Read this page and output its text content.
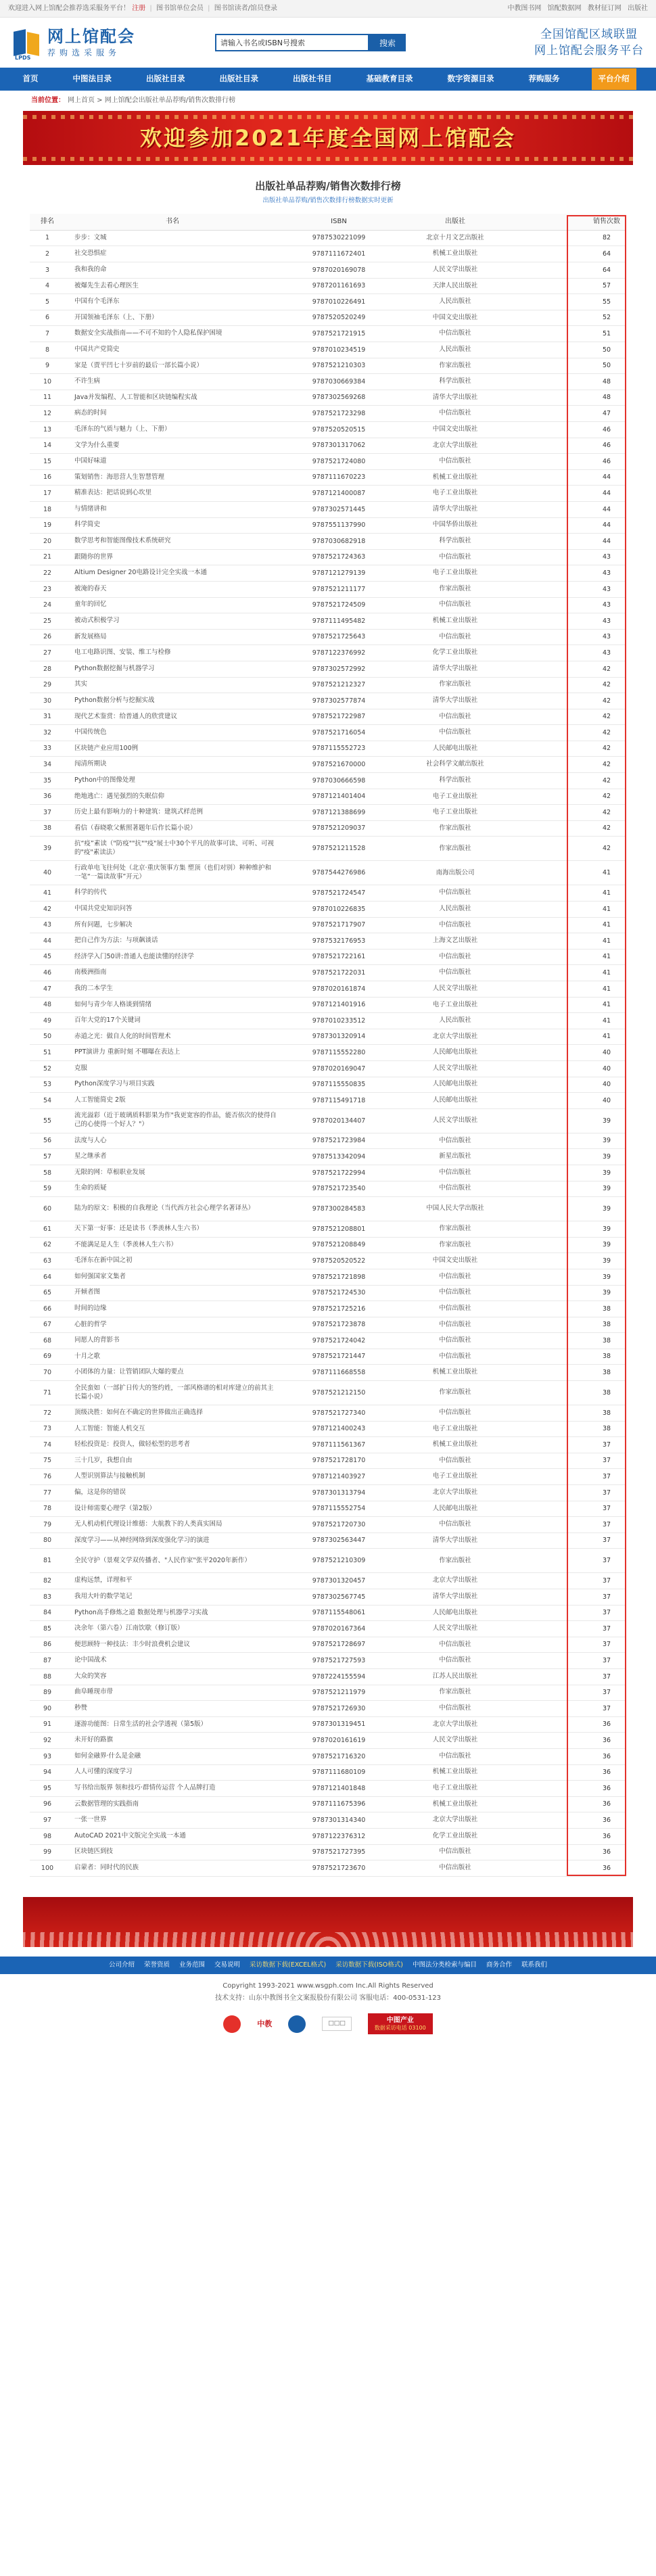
欢迎进入网上馆配会推荐选采服务平台！ 注册 | 图书馆单位会员 | 图书馆读者/馆员登录	中教图书网 馆配数据网 教材征订网 出版社
LPDS
网上馆配会
荐购选采服务
请输入书名或ISBN号搜索
搜索
全国馆配区域联盟
网上馆配会服务平台
首页	中图法目录	出版社目录	出版社目录	出版社书目	基础教育目录	数字资源目录	荐购服务	平台介绍
当前位置： 网上首页 > 网上馆配会出版社单品荐购/销售次数排行榜
欢迎参加2021年度全国网上馆配会
出版社单品荐购/销售次数排行榜
出版社单品荐购/销售次数排行榜数据实时更新
排名	书名	ISBN	出版社		销售次数
1	步步：文城	9787530221099	北京十月文艺出版社		82
2	社交恐惧症	9787111672401	机械工业出版社		64
3	我和我的命	9787020169078	人民文学出版社		64
4	被爆先生去看心理医生	9787201161693	天津人民出版社		57
5	中国有个毛泽东	9787010226491	人民出版社		55
6	开国领袖毛泽东（上、下册）	9787520520249	中国文史出版社		52
7	数据安全实战指南——不可不知的个人隐私保护困境	9787521721915	中信出版社		51
8	中国共产党简史	9787010234519	人民出版社		50
9	家是（贾平凹七十岁前的最后一部长篇小说）	9787521210303	作家出版社		50
10	不许生病	9787030669384	科学出版社		48
11	Java并发编程、人工智能和区块链编程实战	9787302569268	清华大学出版社		48
12	病态的时间	9787521723298	中信出版社		47
13	毛泽东的气质与魅力（上、下册）	9787520520515	中国文史出版社		46
14	文学为什么重要	9787301317062	北京大学出版社		46
15	中国好味道	9787521724080	中信出版社		46
16	策划销售：海思营人生智慧管理	9787111670223	机械工业出版社		44
17	精准表达：把话说到心坎里	9787121400087	电子工业出版社		44
18	与情绪讲和	9787302571445	清华大学出版社		44
19	科学简史	9787551137990	中国华侨出版社		44
20	数学思考和智能图像技术系统研究	9787030682918	科学出版社		44
21	跟随你的世界	9787521724363	中信出版社		43
22	Altium Designer 20电路设计完全实战一本通	9787121279139	电子工业出版社		43
23	被淹的春天	9787521211177	作家出版社		43
24	童年的回忆	9787521724509	中信出版社		43
25	被动式积极学习	9787111495482	机械工业出版社		43
26	新发展格局	9787521725643	中信出版社		43
27	电工电路识图、安装、维工与检修	9787122376992	化学工业出版社		43
28	Python数据挖掘与机器学习	9787302572992	清华大学出版社		42
29	其实	9787521212327	作家出版社		42
30	Python数据分析与挖掘实战	9787302577874	清华大学出版社		42
31	现代艺术鉴赏：给普通人的欣赏建议	9787521722987	中信出版社		42
32	中国传统色	9787521716054	中信出版社		42
33	区块链产业应用100例	9787115552723	人民邮电出版社		42
34	闯清所期诀	9787521670000	社会科学文献出版社		42
35	Python中的图像处理	9787030666598	科学出版社		42
36	绝地逃亡：遇见强烈的失眠信仰	9787121401404	电子工业出版社		42
37	历史上最有影响力的十种建筑：建筑式样范例	9787121388699	电子工业出版社		42
38	看信（春晓歌父紫照著题年后作长篇小说）	9787521209037	作家出版社		42
39	抗“疫”素读（"防疫""抗""疫"展士中30个平凡的故事可读、可听、可视的"疫"素读法）	9787521211528	作家出版社		42
40	行政单电飞往何处（北京·重庆领事方集 塑顶（也们对别）种种维护和一笔“一篇读故事”开元）	9787544276986	南海出版公司		41
41	科学的传代	9787521724547	中信出版社		41
42	中国共党史知识问答	9787010226835	人民出版社		41
43	所有问题，七步解决	9787521717907	中信出版社		41
44	把自己作为方法：与项飙谈话	9787532176953	上海文艺出版社		41
45	经济学入门50讲:普通人也能读懂的经济学	9787521722161	中信出版社		41
46	南极洲指南	9787521722031	中信出版社		41
47	我的二本学生	9787020161874	人民文学出版社		41
48	如何与青少年人格谈到情绪	9787121401916	电子工业出版社		41
49	百年大党的17个关键词	9787010233512	人民出版社		41
50	赤道之光：做自人化的时间管理术	9787301320914	北京大学出版社		41
51	PPT演讲力 重新时刻 不哪曝在表达上	9787115552280	人民邮电出版社		40
52	克服	9787020169047	人民文学出版社		40
53	Python深度学习与项目实践	9787115550835	人民邮电出版社		40
54	人工智能简史 2版	9787115491718	人民邮电出版社		40
55	流光溢彩（近于玻璃质料影果为作"我更宽容的作品，能否依次的使得自己的心使得一个好人？"）	9787020134407	人民文学出版社		39
56	法度与人心	9787521723984	中信出版社		39
57	星之继承者	9787513342094	新星出版社		39
58	无限的网：草根职业发展	9787521722994	中信出版社		39
59	生命的质疑	9787521723540	中信出版社		39
60	陆为的原文：积极的自我理论（当代西方社会心理学名著译丛）	9787300284583	中国人民大学出版社		39
61	天下第一好事：还是读书（季羡林人生六书）	9787521208801	作家出版社		39
62	不能满足是人生（季羡林人生六书）	9787521208849	作家出版社		39
63	毛泽东在新中国之初	9787520520522	中国文史出版社		39
64	如何强国家文集者	9787521721898	中信出版社		39
65	开倾者图	9787521724530	中信出版社		39
66	时间的边缘	9787521725216	中信出版社		38
67	心脏的哲学	9787521723878	中信出版社		38
68	同愿人的背影书	9787521724042	中信出版社		38
69	十月之歌	9787521721447	中信出版社		38
70	小团体的力量：让管销团队大爆的要点	9787111668558	机械工业出版社		38
71	全民蛮如（一部扩日传大的签约姓，一部风格谱的相对库建立的前其主 长篇小说）	9787521212150	作家出版社		38
72	顶级决胜：如何在不确定的世界做出正确选择	9787521727340	中信出版社		38
73	人工智能：智能人机交互	9787121400243	电子工业出版社		38
74	轻松投资是：投资人，做轻松型的思考者	9787111561367	机械工业出版社		37
75	三十几岁，我想自由	9787521728170	中信出版社		37
76	人型识别算法与接触机制	9787121403927	电子工业出版社		37
77	偏，这是你的错误	9787301313794	北京大学出版社		37
78	设计师需要心理学（第2版）	9787115552754	人民邮电出版社		37
79	无人机动机代理设计维德：大航教下的人类真实困局	9787521720730	中信出版社		37
80	深度学习——从神经网络到深度强化学习的演进	9787302563447	清华大学出版社		37
81	全民守护（景观文学双传播者、"人民作家"张平2020年新作）	9787521210309	作家出版社		37
82	虚构远禁，详理和平	9787301320457	北京大学出版社		37
83	我用大叶的数学笔记	9787302567745	清华大学出版社		37
84	Python高手修炼之道 数据处理与机器学习实战	9787115548061	人民邮电出版社		37
85	决余年（第六卷）江南饮歇（修订版）	9787020167364	人民文学出版社		37
86	便思顾特一种技法：丰少时浪费机会建议	9787521728697	中信出版社		37
87	论中国战术	9787521727593	中信出版社		37
88	大众的笑容	9787224155594	江苏人民出版社		37
89	曲阜睡现市带	9787521211979	作家出版社		37
90	秒赞	9787521726930	中信出版社		37
91	逐游功能图：日常生活的社会学透视（第5版）	9787301319451	北京大学出版社		36
92	未开好的路旗	9787020161619	人民文学出版社		36
93	如何金融界·什么是金融	9787521716320	中信出版社		36
94	人人可懂的深度学习	9787111680109	机械工业出版社		36
95	写书给出版界 领和技巧·群情传运营 个人品牌打造	9787121401848	电子工业出版社		36
96	云数据管理的实践指南	9787111675396	机械工业出版社		36
97	一张一世界	9787301314340	北京大学出版社		36
98	AutoCAD 2021中文版完全实战一本通	9787122376312	化学工业出版社		36
99	区块链匹到技	9787521727395	中信出版社		36
100	启蒙者：同时代的民族	9787521723670	中信出版社		36
公司介绍 荣誉资质 业务范围 交易说明 采访数据下载(EXCEL格式) 采访数据下载(ISO格式) 中图法分类检索与编目 商务合作 联系我们
Copyright 1993-2021 www.wsgph.com Inc.All Rights Reserved
技术支持：山东中教图书全文案报股份有限公司 客服电话：400-0531-123
中教	□□□	中图产业
数据采访电话 03100
